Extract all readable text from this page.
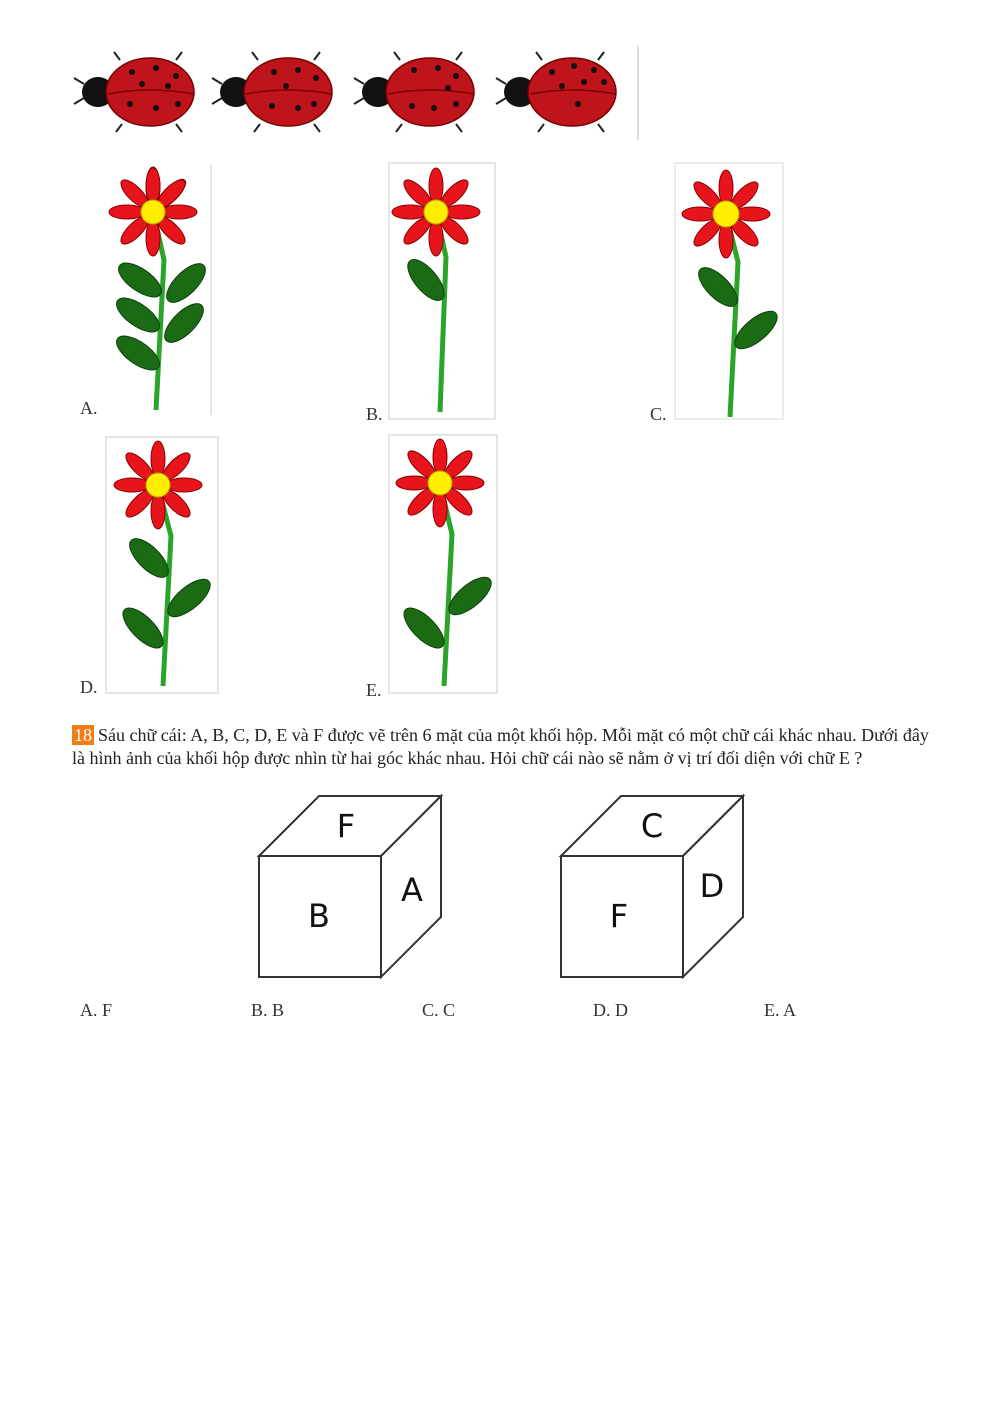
A.	B.	C.
D.	E.
18 Sáu chữ cái: A, B, C, D, E và F được vẽ trên 6 mặt của một khối hộp. Mỗi mặt có một chữ cái khác nhau. Dưới đây là hình ảnh của khối hộp được nhìn từ hai góc khác nhau. Hỏi chữ cái nào sẽ nằm ở vị trí đối diện với chữ E ?
F
B
A
C
F
D
A. F	B. B	C. C	D. D	E. A
